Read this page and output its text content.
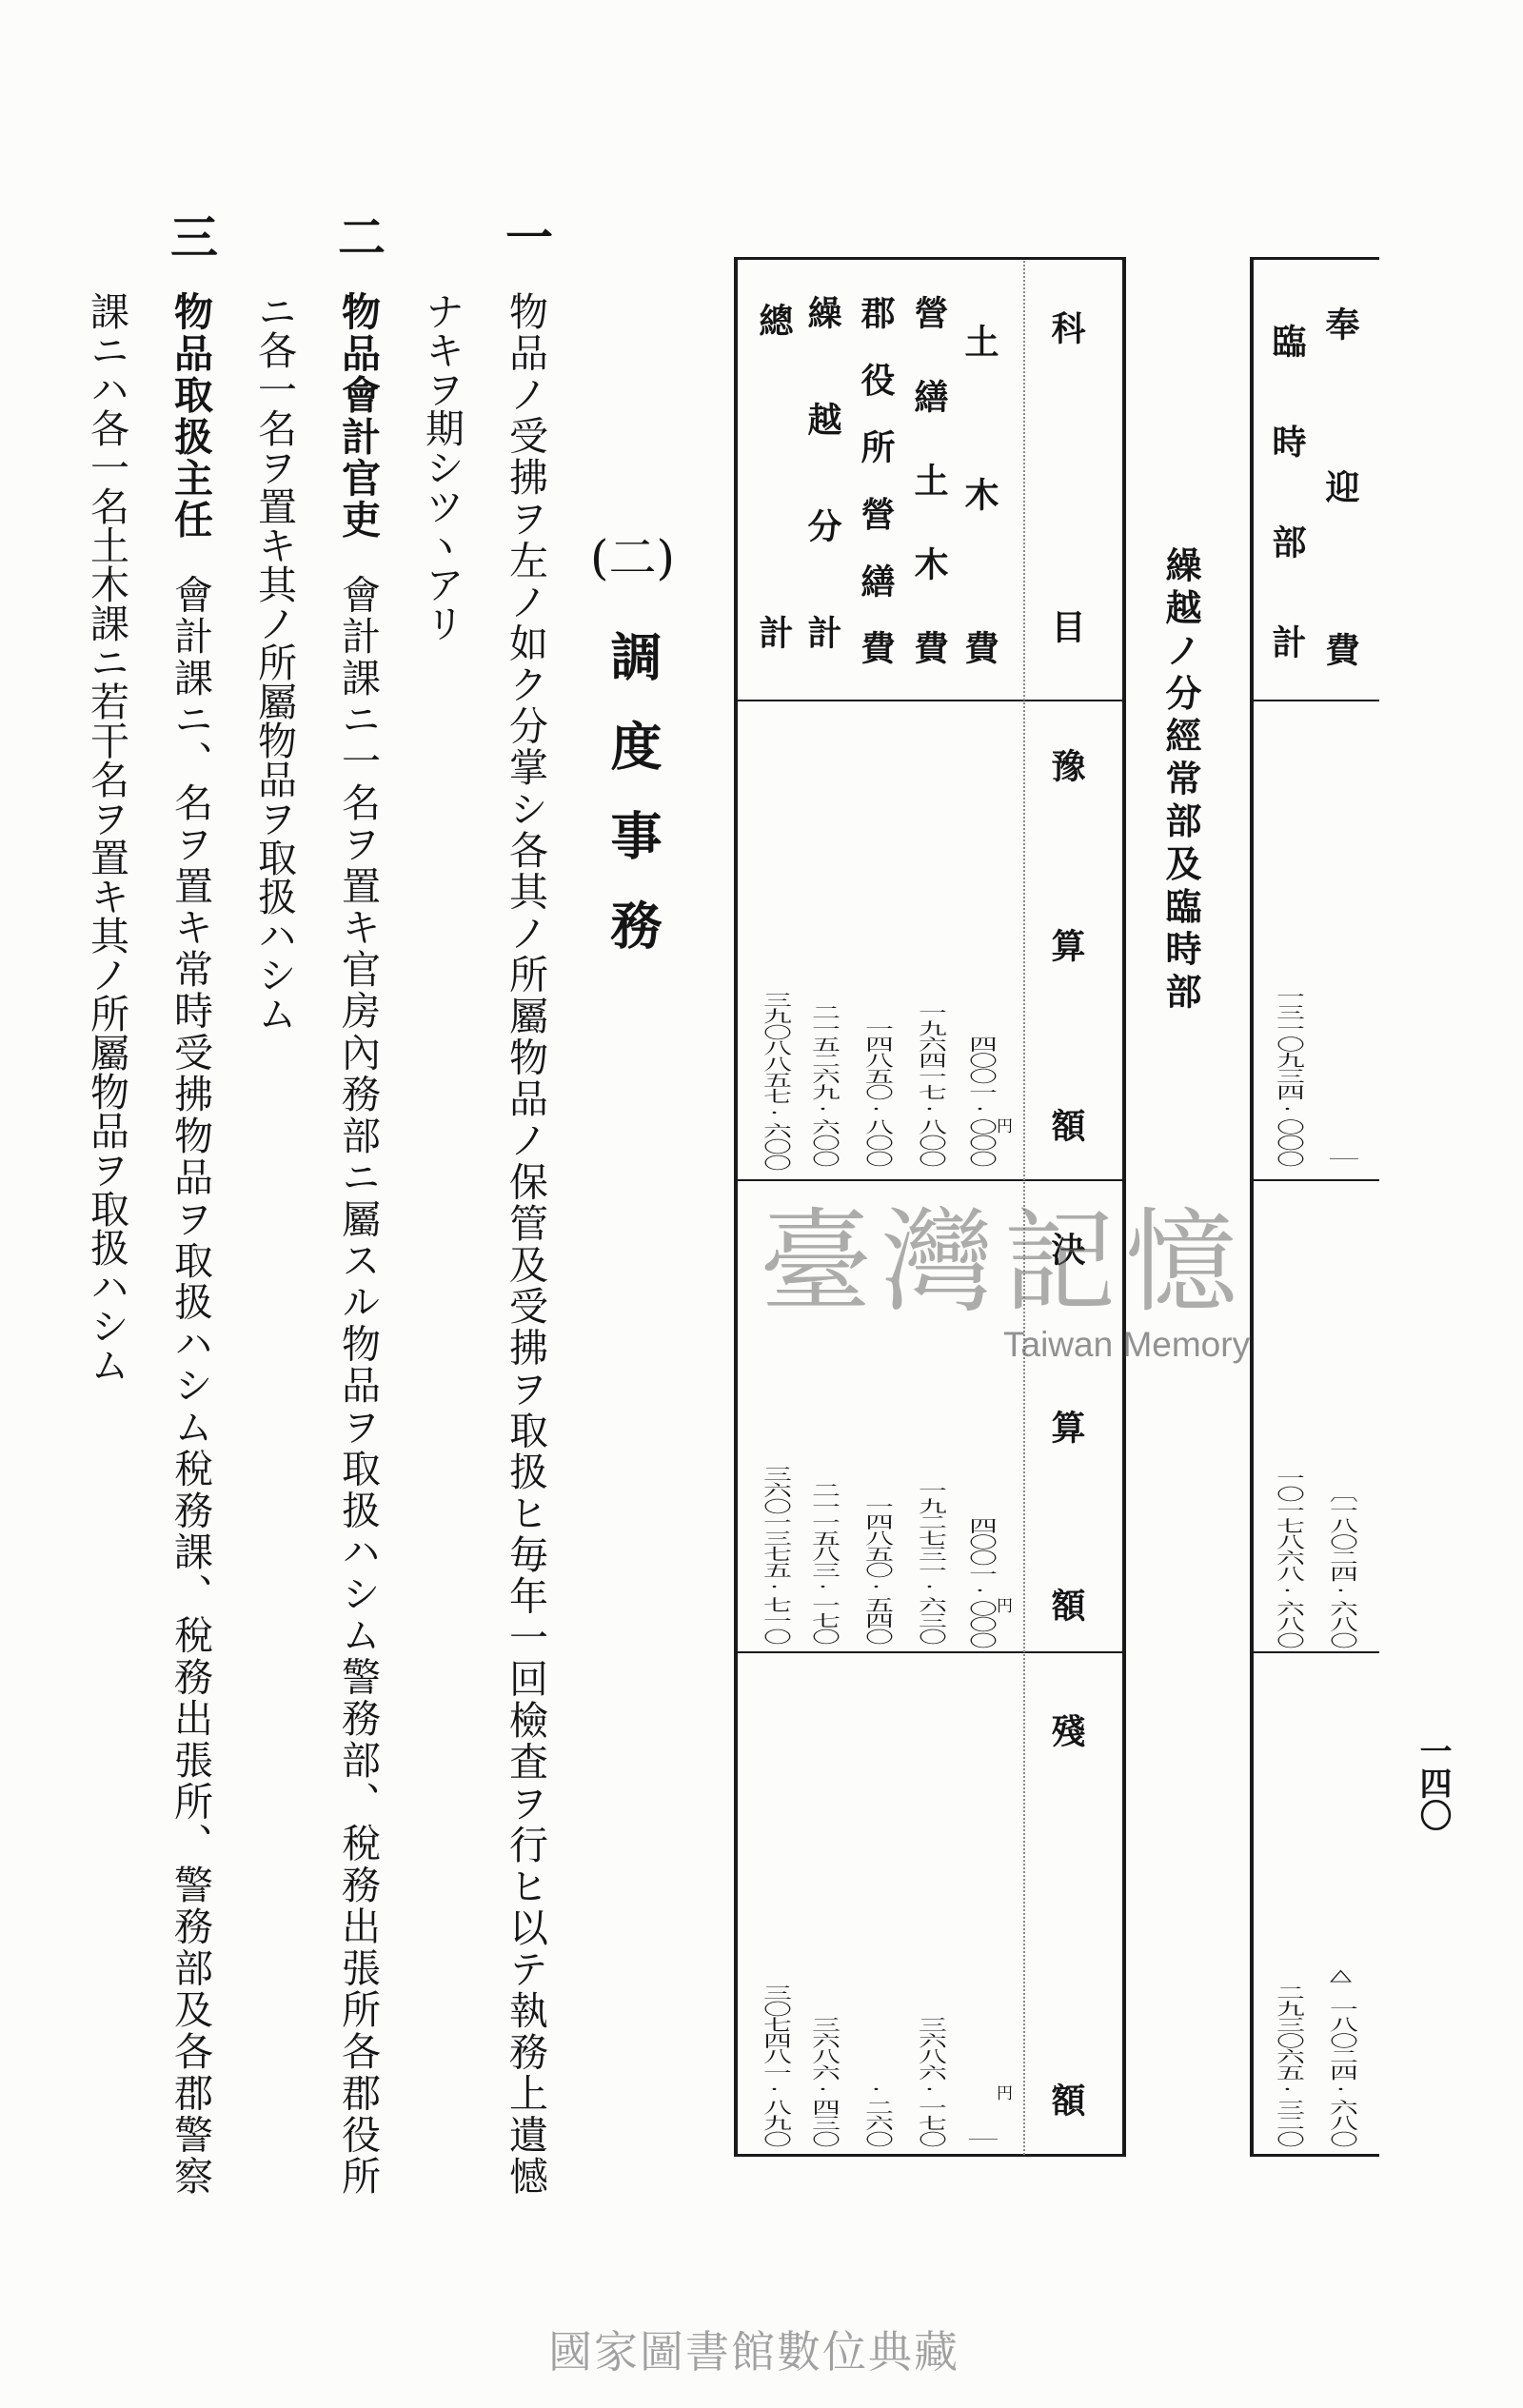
一四〇
奉迎費
臨時部計
｜
〔一八〇二四·六八〇
△　一八〇二四·六八〇
一三一〇九三四·〇〇〇
一〇一七八六八·六八〇
二九三〇六五·三二〇
繰越ノ分經常部及臨時部
科目
豫算額
決算額
殘額
円
円
円
土木費
四〇〇一·〇〇〇
四〇〇一·〇〇〇
｜
營繕土木費
一九六四一七·八〇〇
一九二七三一·六三〇
三六八六·一七〇
郡役所營繕費
一四八五〇·八〇〇
一四八五〇·五四〇
·二六〇
繰越分計
二一五二六九·六〇〇
二一一五八三·一七〇
三六八六·四三〇
總計
三九〇八八五七·六〇〇
三六〇一三七五·七一〇
三〇七四八一·八九〇
(二)
調度事務
一
物品ノ受拂ヲ左ノ如ク分掌シ各其ノ所屬物品ノ保管及受拂ヲ取扱ヒ毎年一回檢査ヲ行ヒ以テ執務上遺憾
ナキヲ期シツヽアリ
二
物品會計官吏會計課ニ一名ヲ置キ官房內務部ニ屬スル物品ヲ取扱ハシム警務部、稅務出張所各郡役所
ニ各一名ヲ置キ其ノ所屬物品ヲ取扱ハシム
三
物品取扱主任會計課ニ、名ヲ置キ常時受拂物品ヲ取扱ハシム稅務課、稅務出張所、警務部及各郡警察
課ニハ各一名土木課ニ若干名ヲ置キ其ノ所屬物品ヲ取扱ハシム	臺灣記憶
Taiwan Memory
國家圖書館數位典藏
